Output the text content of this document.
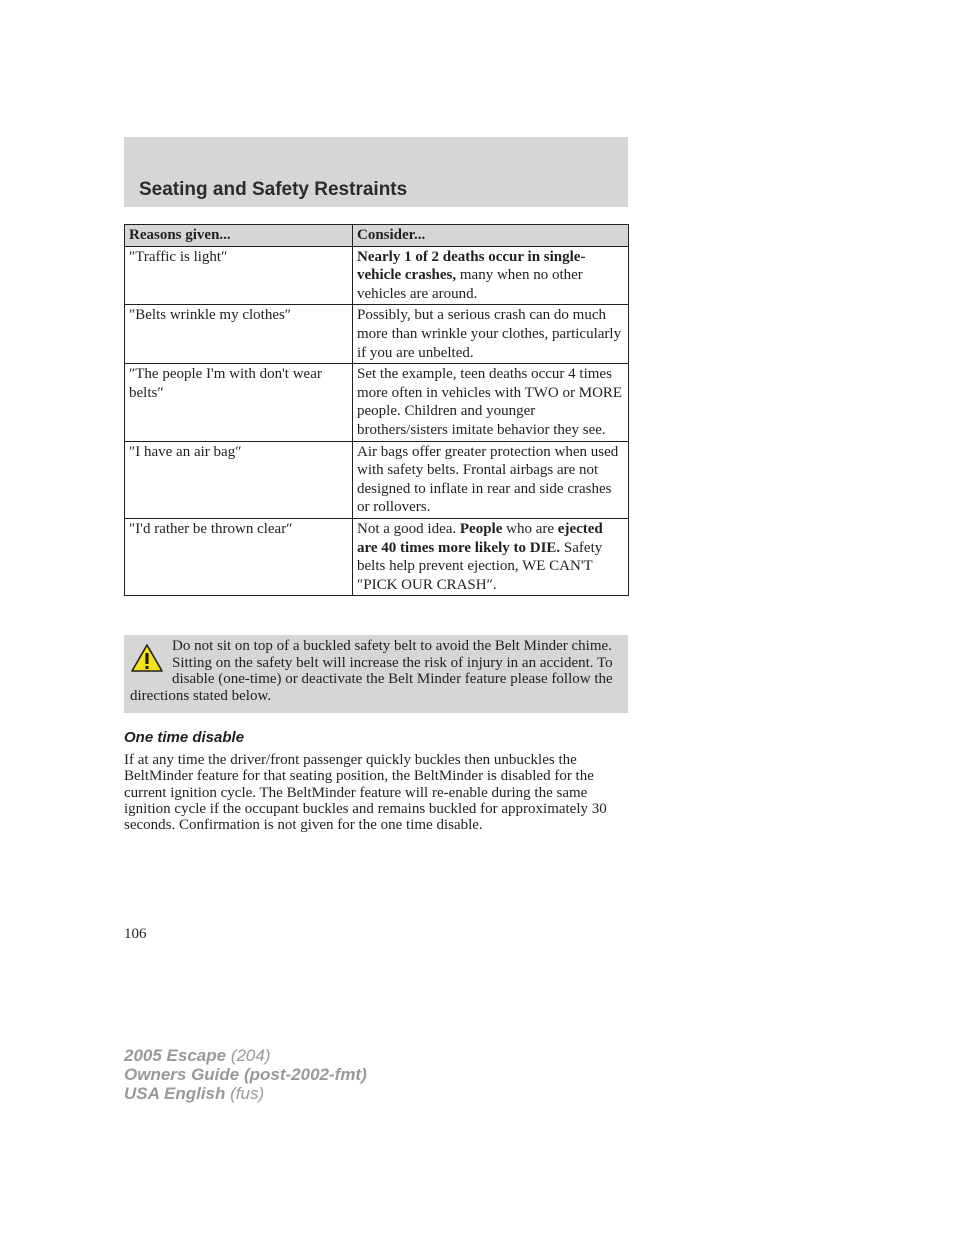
Seating and Safety Restraints
Reasons given...	Consider...
″Traffic is light″	Nearly 1 of 2 deaths occur in single-vehicle crashes, many when no other vehicles are around.
″Belts wrinkle my clothes″	Possibly, but a serious crash can do much more than wrinkle your clothes, particularly if you are unbelted.
″The people I'm with don't wear belts″	Set the example, teen deaths occur 4 times more often in vehicles with TWO or MORE people. Children and younger brothers/sisters imitate behavior they see.
″I have an air bag″	Air bags offer greater protection when used with safety belts. Frontal airbags are not designed to inflate in rear and side crashes or rollovers.
″I'd rather be thrown clear″	Not a good idea. People who are ejected are 40 times more likely to DIE. Safety belts help prevent ejection, WE CAN'T ″PICK OUR CRASH″.
Do not sit on top of a buckled safety belt to avoid the Belt Minder chime. Sitting on the safety belt will increase the risk of injury in an accident. To disable (one-time) or deactivate the Belt Minder feature please follow the directions stated below.
One time disable

If at any time the driver/front passenger quickly buckles then unbuckles the BeltMinder feature for that seating position, the BeltMinder is disabled for the current ignition cycle. The BeltMinder feature will re-enable during the same ignition cycle if the occupant buckles and remains buckled for approximately 30 seconds. Confirmation is not given for the one time disable.

106

2005 Escape (204)
Owners Guide (post-2002-fmt)
USA English (fus)
